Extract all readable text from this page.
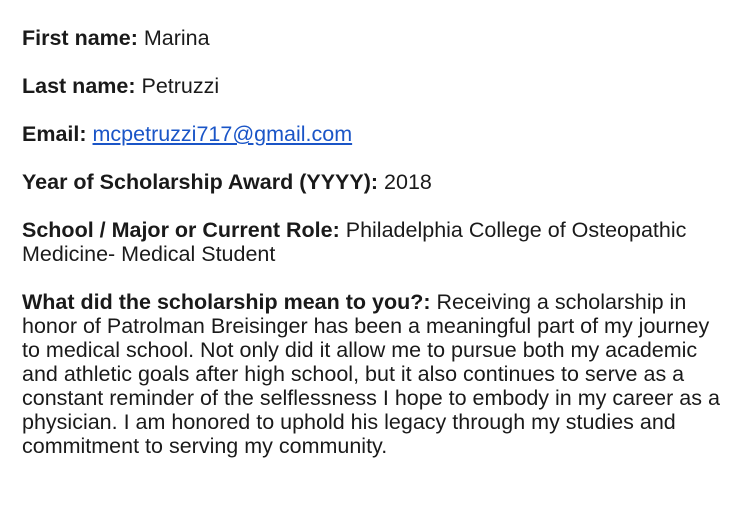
First name: Marina

Last name: Petruzzi

Email: mcpetruzzi717@gmail.com

Year of Scholarship Award (YYYY): 2018

School / Major or Current Role: Philadelphia College of Osteopathic Medicine- Medical Student

What did the scholarship mean to you?: Receiving a scholarship in honor of Patrolman Breisinger has been a meaningful part of my journey to medical school. Not only did it allow me to pursue both my academic and athletic goals after high school, but it also continues to serve as a constant reminder of the selflessness I hope to embody in my career as a physician. I am honored to uphold his legacy through my studies and commitment to serving my community.
